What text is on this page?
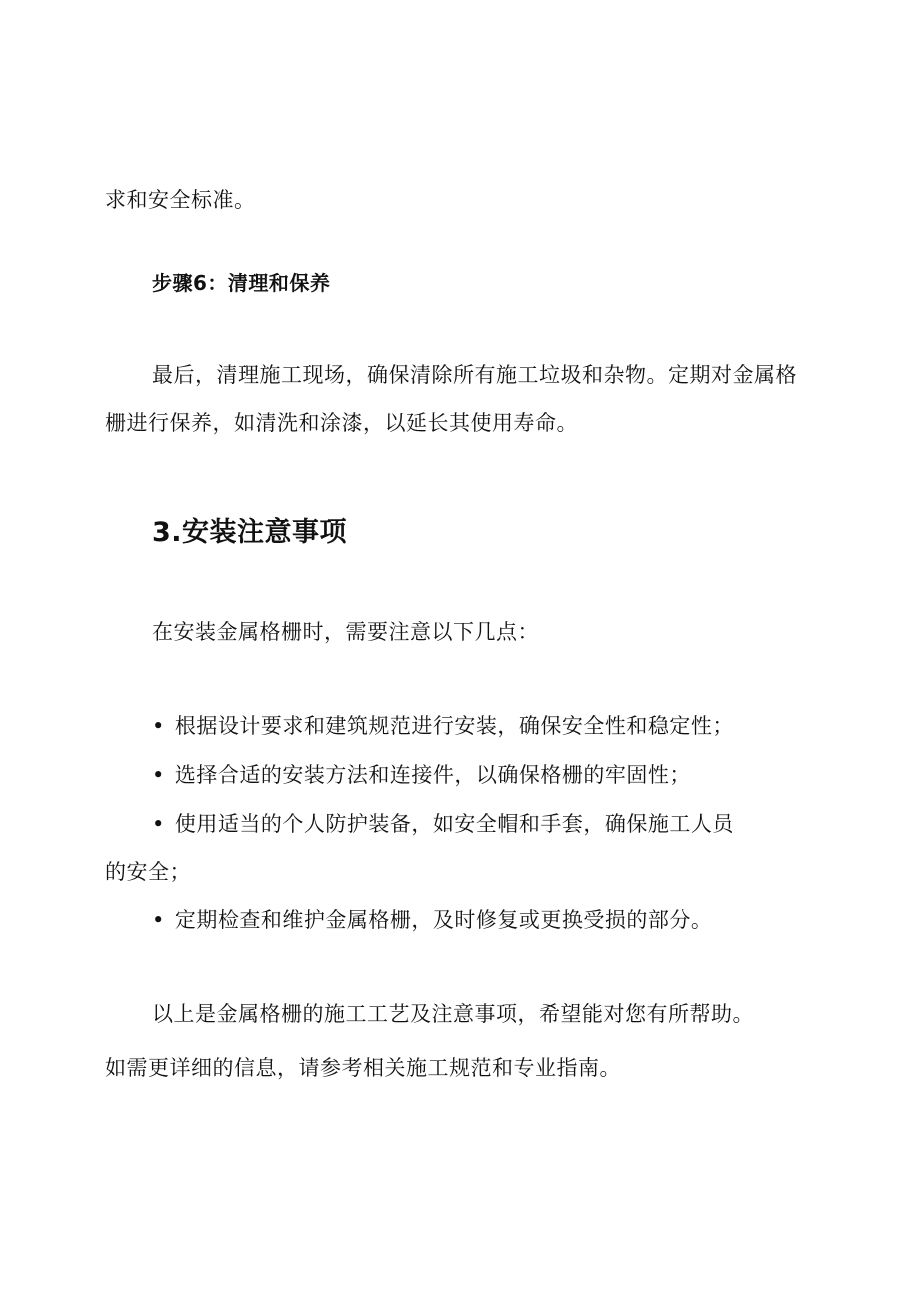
求和安全标准。

步骤6：清理和保养

最后，清理施工现场，确保清除所有施工垃圾和杂物。定期对金属格

栅进行保养，如清洗和涂漆，以延长其使用寿命。

3.安装注意事项

在安装金属格栅时，需要注意以下几点：

• 根据设计要求和建筑规范进行安装，确保安全性和稳定性；

• 选择合适的安装方法和连接件，以确保格栅的牢固性；

• 使用适当的个人防护装备，如安全帽和手套，确保施工人员

的安全；

• 定期检查和维护金属格栅，及时修复或更换受损的部分。

以上是金属格栅的施工工艺及注意事项，希望能对您有所帮助。

如需更详细的信息，请参考相关施工规范和专业指南。
